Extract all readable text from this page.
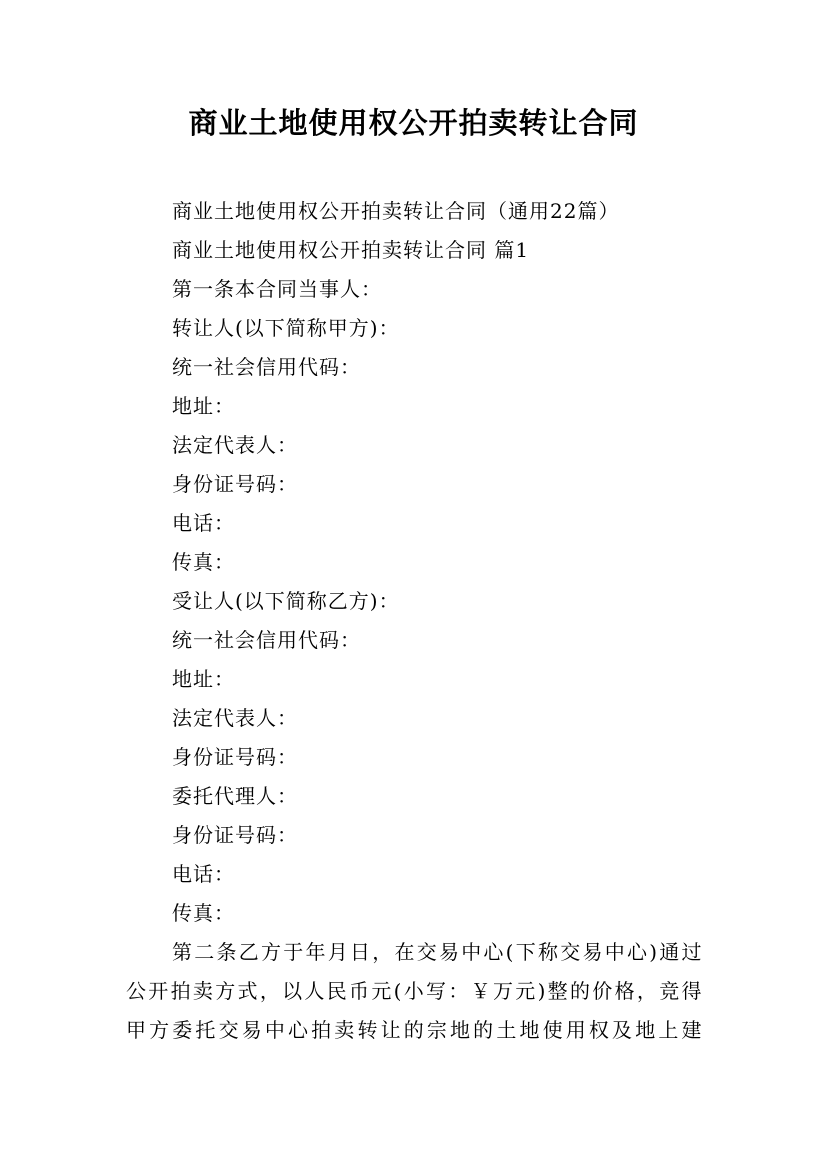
商业土地使用权公开拍卖转让合同
商业土地使用权公开拍卖转让合同（通用22篇）
商业土地使用权公开拍卖转让合同 篇1
第一条本合同当事人：
转让人(以下简称甲方)：
统一社会信用代码：
地址：
法定代表人：
身份证号码：
电话：
传真：
受让人(以下简称乙方)：
统一社会信用代码：
地址：
法定代表人：
身份证号码：
委托代理人：
身份证号码：
电话：
传真：
第二条乙方于年月日，在交易中心(下称交易中心)通过
公开拍卖方式，以人民币元(小写：￥万元)整的价格，竞得
甲方委托交易中心拍卖转让的宗地的土地使用权及地上建
